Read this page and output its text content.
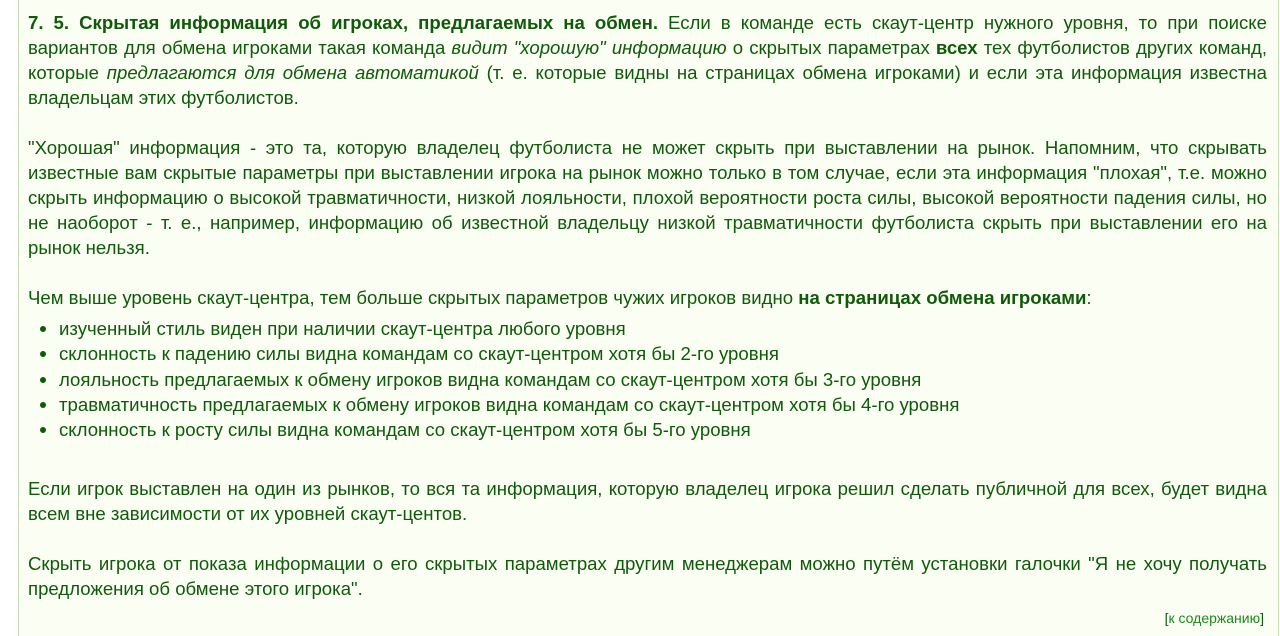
7. 5. Скрытая информация об игроках, предлагаемых на обмен. Если в команде есть скаут-центр нужного уровня, то при поиске вариантов для обмена игроками такая команда видит "хорошую" информацию о скрытых параметрах всех тех футболистов других команд, которые предлагаются для обмена автоматикой (т. е. которые видны на страницах обмена игроками) и если эта информация известна владельцам этих футболистов.

"Хорошая" информация - это та, которую владелец футболиста не может скрыть при выставлении на рынок. Напомним, что скрывать известные вам скрытые параметры при выставлении игрока на рынок можно только в том случае, если эта информация "плохая", т.е. можно скрыть информацию о высокой травматичности, низкой лояльности, плохой вероятности роста силы, высокой вероятности падения силы, но не наоборот - т. е., например, информацию об известной владельцу низкой травматичности футболиста скрыть при выставлении его на рынок нельзя.

Чем выше уровень скаут-центра, тем больше скрытых параметров чужих игроков видно на страницах обмена игроками:

изученный стиль виден при наличии скаут-центра любого уровня
склонность к падению силы видна командам со скаут-центром хотя бы 2-го уровня
лояльность предлагаемых к обмену игроков видна командам со скаут-центром хотя бы 3-го уровня
травматичность предлагаемых к обмену игроков видна командам со скаут-центром хотя бы 4-го уровня
склонность к росту силы видна командам со скаут-центром хотя бы 5-го уровня

Если игрок выставлен на один из рынков, то вся та информация, которую владелец игрока решил сделать публичной для всех, будет видна всем вне зависимости от их уровней скаут-центов.

Скрыть игрока от показа информации о его скрытых параметрах другим менеджерам можно путём установки галочки "Я не хочу получать предложения об обмене этого игрока".

[к содержанию]
